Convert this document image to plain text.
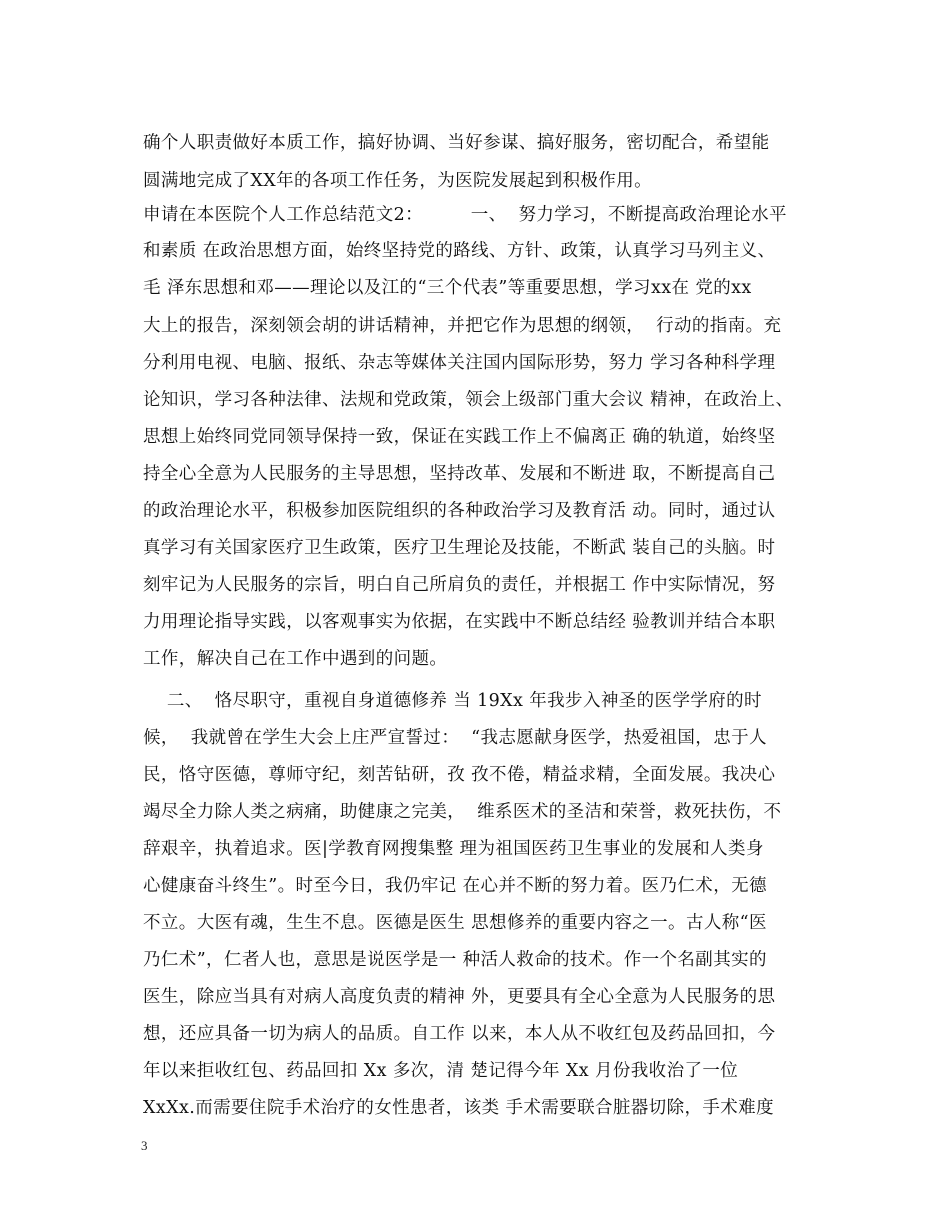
确个人职责做好本质工作，搞好协调、当好参谋、搞好服务，密切配合，希望能
圆满地完成了XX年的各项工作任务，为医院发展起到积极作用。
申请在本医院个人工作总结范文2：        一、  努力学习，不断提高政治理论水平
和素质 在政治思想方面，始终坚持党的路线、方针、政策，认真学习马列主义、
毛 泽东思想和邓——理论以及江的“三个代表”等重要思想，学习xx在 党的xx
大上的报告，深刻领会胡的讲话精神，并把它作为思想的纲领，  行动的指南。充
分利用电视、电脑、报纸、杂志等媒体关注国内国际形势，努力 学习各种科学理
论知识，学习各种法律、法规和党政策，领会上级部门重大会议 精神，在政治上、
思想上始终同党同领导保持一致，保证在实践工作上不偏离正 确的轨道，始终坚
持全心全意为人民服务的主导思想，坚持改革、发展和不断进 取，不断提高自己
的政治理论水平，积极参加医院组织的各种政治学习及教育活 动。同时，通过认
真学习有关国家医疗卫生政策，医疗卫生理论及技能，不断武 装自己的头脑。时
刻牢记为人民服务的宗旨，明白自己所肩负的责任，并根据工 作中实际情况，努
力用理论指导实践，以客观事实为依据，在实践中不断总结经 验教训并结合本职
工作，解决自己在工作中遇到的问题。
二、  恪尽职守，重视自身道德修养 当 19Xx 年我步入神圣的医学学府的时
候，  我就曾在学生大会上庄严宣誓过：  “我志愿献身医学，热爱祖国，忠于人
民，恪守医德，尊师守纪，刻苦钻研，孜 孜不倦，精益求精，全面发展。我决心
竭尽全力除人类之病痛，助健康之完美，  维系医术的圣洁和荣誉，救死扶伤，不
辞艰辛，执着追求。医|学教育网搜集整 理为祖国医药卫生事业的发展和人类身
心健康奋斗终生”。时至今日，我仍牢记 在心并不断的努力着。医乃仁术，无德
不立。大医有魂，生生不息。医德是医生 思想修养的重要内容之一。古人称“医
乃仁术”，仁者人也，意思是说医学是一 种活人救命的技术。作一个名副其实的
医生，除应当具有对病人高度负责的精神 外，更要具有全心全意为人民服务的思
想，还应具备一切为病人的品质。自工作 以来，本人从不收红包及药品回扣，今
年以来拒收红包、药品回扣 Xx 多次，清 楚记得今年 Xx 月份我收治了一位
XxXx.而需要住院手术治疗的女性患者，该类 手术需要联合脏器切除，手术难度
3
